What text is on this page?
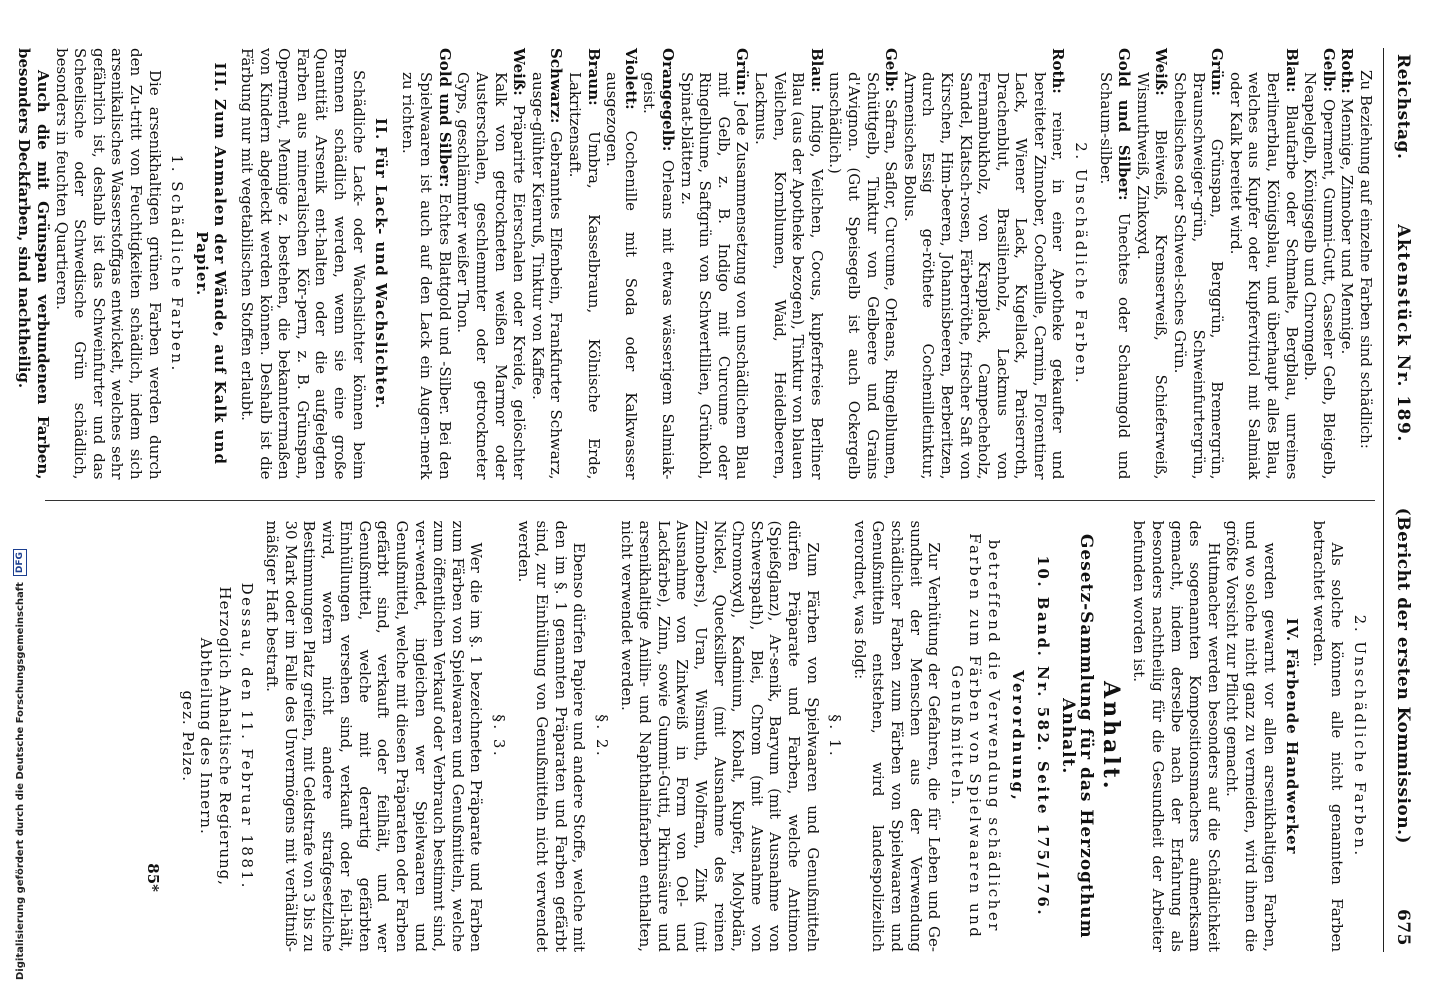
Reichstag.
Aktenstück Nr. 189.
(Bericht der ersten Kommission.)
675

Zu Beziehung auf einzelne Farben sind schädlich:

Roth: Mennige, Zinnober und Mennige.

Gelb: Operment, Gummi-Gutt, Casseler Gelb, Bleigelb, Neapelgelb, Königsgelb und Chromgelb.

Blau: Blaufarbe oder Schmalte, Bergblau, unreines Berlinerblau, Königsblau, und überhaupt alles Blau, welches aus Kupfer oder Kupfervitriol mit Salmiak oder Kalk bereitet wird.

Grün: Grünspan, Berggrün, Bremergrün, Braunschweiger-grün, Schweinfurtergrün, Scheelisches oder Schweel-sches Grün.

Weiß: Bleiweiß, Kremserweiß, Schieferweiß, Wismuthweiß, Zinkoxyd.

Gold und Silber: Unechtes oder Schaumgold und Schaum-silber.

2. Unschädliche Farben.

Roth: reiner, in einer Apotheke gekaufter und bereiteter Zinnober, Cochenille, Carmin, Florentiner Lack, Wiener Lack, Kugellack, Pariserroth, Drachenblut, Brasilienholz, Lackmus von Fernambukholz, von Krapplack, Campecheholz, Sandel, Klatsch-rosen, Färberröthe, frischer Saft von Kirschen, Him-beeren, Johannisbeeren, Berberitzen, durch Essig ge-röthete Cochenilletinktur, Armenisches Bolus.

Gelb: Safran, Saflor, Curcume, Orleans, Ringelblumen, Schüttgelb, Tinktur von Gelbeere und Grains d'Avignon. (Gut Speisegelb ist auch Ockergelb unschädlich.)

Blau: Indigo, Veilchen, Cocus, kupferfreies Berliner Blau (aus der Apotheke bezogen), Tinktur von blauen Veilchen, Kornblumen, Waid, Heidelbeeren, Lackmus.

Grün: Jede Zusammensetzung von unschädlichem Blau mit Gelb, z. B. Indigo mit Curcume oder Ringelblume, Saftgrün von Schwertlilien, Grünkohl, Spinat-blättern z.

Orangegelb: Orleans mit etwas wässerigem Salmiak-geist.

Violett: Cochenille mit Soda oder Kalkwasser ausgezogen.

Braun: Umbra, Kasselbraun, Kölnische Erde, Lakritzensaft.

Schwarz: Gebranntes Elfenbein, Frankfurter Schwarz, ausge-glühter Kienruß, Tinktur von Kaffee.

Weiß: Präparirte Eierschalen oder Kreide, gelöschter Kalk von getrockneten weißen Marmor oder Austerschalen, geschlemmter oder getrockneter Gyps, geschlämmter weißer Thon.

Gold und Silber: Echtes Blattgold und -Silber. Bei den Spielwaaren ist auch auf den Lack ein Augen-merk zu richten.

II. Für Lack- und Wachslichter.

Schädliche Lack- oder Wachslichter können beim Brennen schädlich werden, wenn sie eine große Quantität Arsenik ent-halten oder die aufgelegten Farben aus mineralischen Kör-pern, z. B. Grünspan, Operment, Mennige z. bestehen, die bekanntermaßen von Kindern abgeleckt werden können. Deshalb ist die Färbung nur mit vegetabilischen Stoffen erlaubt.

III. Zum Anmalen der Wände, auf Kalk und Papier.

1. Schädliche Farben.

Die arsenikhaltigen grünen Farben werden durch den Zu-tritt von Feuchtigkeiten schädlich, indem sich arsenikalisches Wasserstoffgas entwickelt, welches sehr gefährlich ist, deshalb ist das Schweinfurter und das Scheelische oder Schwedische Grün schädlich, besonders in feuchten Quartieren.

Auch die mit Grünspan verbundenen Farben, besonders Deckfarben, sind nachtheilig.

2. Unschädliche Farben.

Als solche können alle nicht genannten Farben betrachtet werden.

IV. Färbende Handwerker

werden gewarnt vor allen arsenikhaltigen Farben, und wo solche nicht ganz zu vermeiden, wird ihnen die größte Vorsicht zur Pflicht gemacht.

Hutmacher werden besonders auf die Schädlichkeit des sogenannten Kompositionsmachers aufmerksam gemacht, indem derselbe nach der Erfahrung als besonders nachtheilig für die Gesundheit der Arbeiter befunden worden ist.

Anhalt.

Gesetz-Sammlung für das Herzogthum Anhalt.

10. Band. Nr. 582. Seite 175/176.

Verordnung,

betreffend die Verwendung schädlicher Farben zum Färben von Spielwaaren und Genußmitteln.

Zur Verhütung der Gefahren, die für Leben und Ge-sundheit der Menschen aus der Verwendung schädlicher Farben zum Färben von Spielwaaren und Genußmitteln entstehen, wird landespolizeilich verordnet, was folgt:

§. 1.

Zum Färben von Spielwaaren und Genußmitteln dürfen Präparate und Farben, welche Antimon (Spießglanz), Ar-senik, Baryum (mit Ausnahme von Schwerspath), Blei, Chrom (mit Ausnahme von Chromoxyd), Kadmium, Kobalt, Kupfer, Molybdän, Nickel, Quecksilber (mit Ausnahme des reinen Zinnobers), Uran, Wismuth, Wolfram, Zink (mit Ausnahme von Zinkweiß in Form von Oel- und Lackfarbe), Zinn, sowie Gummi-Gutti, Pikrinsäure und arsenikhaltige Anilin- und Naphthalinfarben enthalten, nicht verwendet werden.

§. 2.

Ebenso dürfen Papiere und andere Stoffe, welche mit den im §. 1 genannten Präparaten und Farben gefärbt sind, zur Einhüllung von Genußmitteln nicht verwendet werden.

§. 3.

Wer die im §. 1 bezeichneten Präparate und Farben zum Färben von Spielwaaren und Genußmitteln, welche zum öffentlichen Verkauf oder Verbrauch bestimmt sind, ver-wendet, ingleichen wer Spielwaaren und Genußmittel, welche mit diesen Präparaten oder Farben gefärbt sind, verkauft oder feilhält, und wer Genußmittel, welche mit derartig gefärbten Einhüllungen versehen sind, verkauft oder feil-hält, wird, wofern nicht andere strafgesetzliche Bestimmungen Platz greifen, mit Geldstrafe von 3 bis zu 30 Mark oder im Falle des Unvermögens mit verhältniß-mäßiger Haft bestraft.

Dessau, den 11. Februar 1881.

Herzoglich Anhaltische Regierung,

Abtheilung des Innern.

gez. Pelze.

85*

Digitalisierung gefördert durch die Deutsche Forschungsgemeinschaft
DFG
